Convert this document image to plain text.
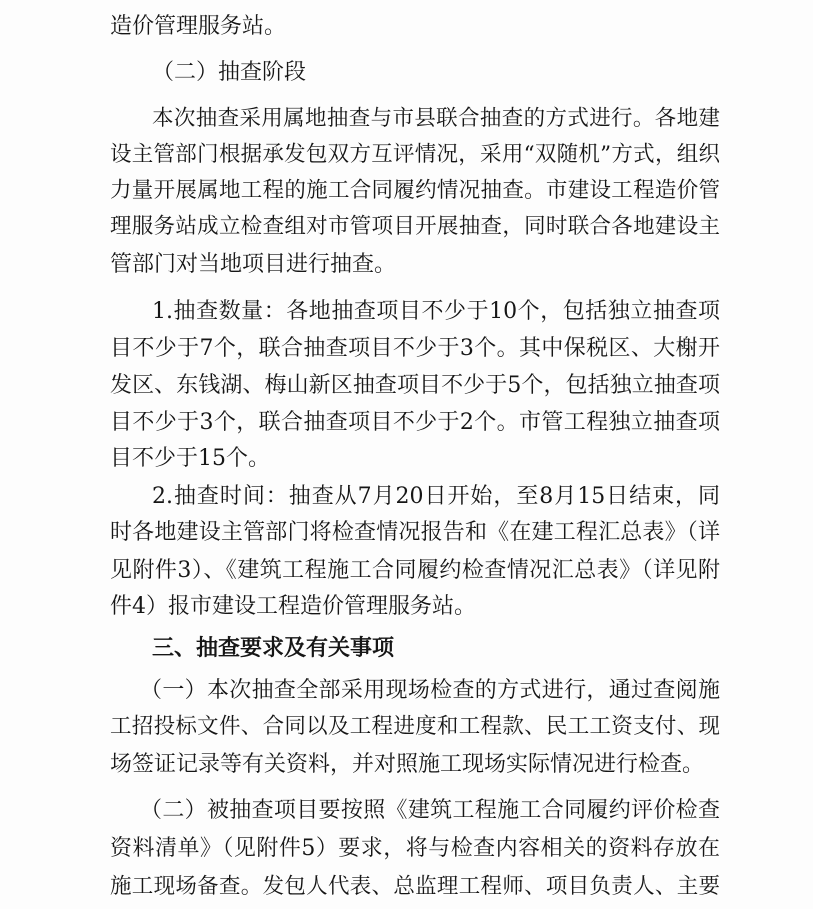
造价管理服务站。
（二）抽查阶段
本次抽查采用属地抽查与市县联合抽查的方式进行。各地建
设主管部门根据承发包双方互评情况，采用“双随机”方式，组织
力量开展属地工程的施工合同履约情况抽查。市建设工程造价管
理服务站成立检查组对市管项目开展抽查，同时联合各地建设主
管部门对当地项目进行抽查。
1.抽查数量：各地抽查项目不少于10个，包括独立抽查项
目不少于7个，联合抽查项目不少于3个。其中保税区、大榭开
发区、东钱湖、梅山新区抽查项目不少于5个，包括独立抽查项
目不少于3个，联合抽查项目不少于2个。市管工程独立抽查项
目不少于15个。
2.抽查时间：抽查从7月20日开始，至8月15日结束，同
时各地建设主管部门将检查情况报告和《在建工程汇总表》（详
见附件3）、《建筑工程施工合同履约检查情况汇总表》（详见附
件4）报市建设工程造价管理服务站。
三、抽查要求及有关事项
（一）本次抽查全部采用现场检查的方式进行，通过查阅施
工招投标文件、合同以及工程进度和工程款、民工工资支付、现
场签证记录等有关资料，并对照施工现场实际情况进行检查。
（二）被抽查项目要按照《建筑工程施工合同履约评价检查
资料清单》（见附件5）要求，将与检查内容相关的资料存放在
施工现场备查。发包人代表、总监理工程师、项目负责人、主要
